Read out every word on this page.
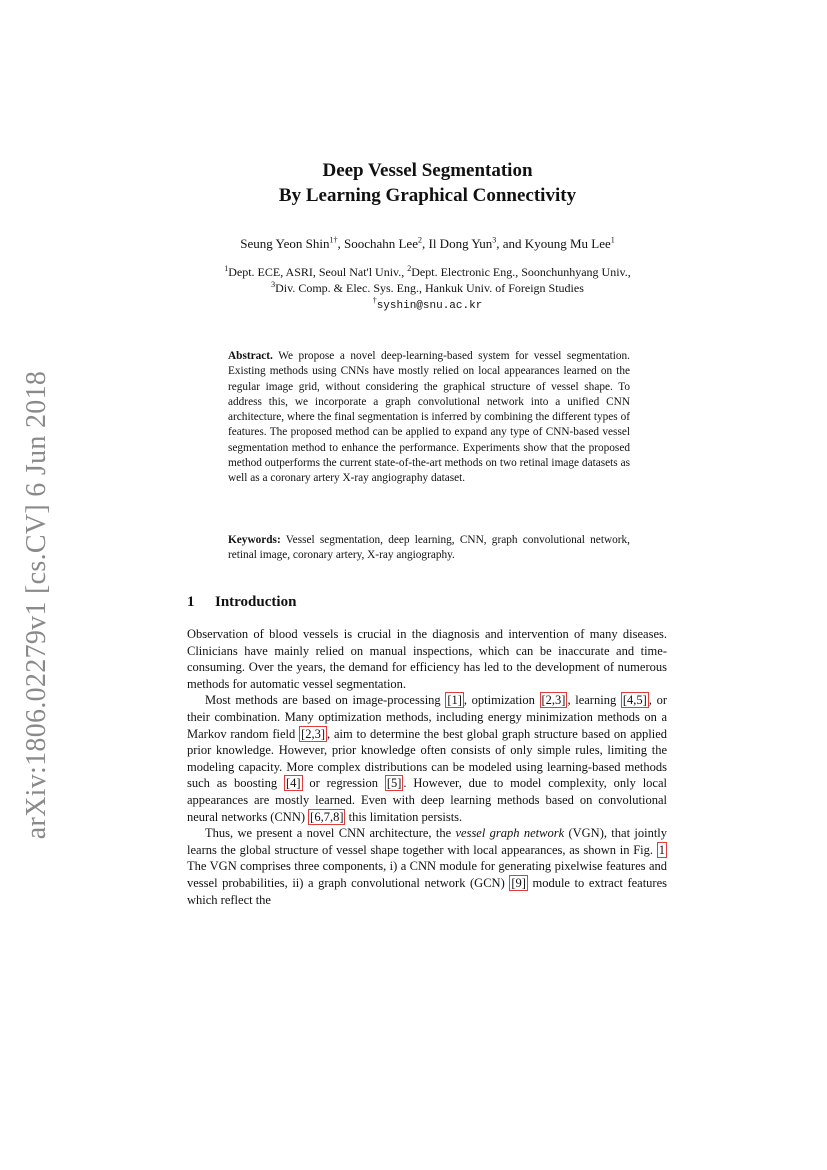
arXiv:1806.02279v1 [cs.CV] 6 Jun 2018
Deep Vessel Segmentation
By Learning Graphical Connectivity
Seung Yeon Shin$^{1\dagger}$, Soochahn Lee$^2$, Il Dong Yun$^3$, and Kyoung Mu Lee$^1$
$^1$Dept. ECE, ASRI, Seoul Nat'l Univ., $^2$Dept. Electronic Eng., Soonchunhyang Univ.,
$^3$Div. Comp. & Elec. Sys. Eng., Hankuk Univ. of Foreign Studies
†syshin@snu.ac.kr
Abstract. We propose a novel deep-learning-based system for vessel segmentation. Existing methods using CNNs have mostly relied on local appearances learned on the regular image grid, without considering the graphical structure of vessel shape. To address this, we incorporate a graph convolutional network into a unified CNN architecture, where the final segmentation is inferred by combining the different types of features. The proposed method can be applied to expand any type of CNN-based vessel segmentation method to enhance the performance. Experiments show that the proposed method outperforms the current state-of-the-art methods on two retinal image datasets as well as a coronary artery X-ray angiography dataset.
Keywords: Vessel segmentation, deep learning, CNN, graph convolutional network, retinal image, coronary artery, X-ray angiography.
1 Introduction

Observation of blood vessels is crucial in the diagnosis and intervention of many diseases. Clinicians have mainly relied on manual inspections, which can be inaccurate and time-consuming. Over the years, the demand for efficiency has led to the development of numerous methods for automatic vessel segmentation.

Most methods are based on image-processing [1] , optimization [2,3] , learning [4,5] , or their combination. Many optimization methods, including energy minimization methods on a Markov random field [2,3] , aim to determine the best global graph structure based on applied prior knowledge. However, prior knowledge often consists of only simple rules, limiting the modeling capacity. More complex distributions can be modeled using learning-based methods such as boosting [4] or regression [5] . However, due to model complexity, only local appearances are mostly learned. Even with deep learning methods based on convolutional neural networks (CNN) [6,7,8] this limitation persists.

Thus, we present a novel CNN architecture, the vessel graph network (VGN), that jointly learns the global structure of vessel shape together with local appearances, as shown in Fig. 1 The VGN comprises three components, i) a CNN module for generating pixelwise features and vessel probabilities, ii) a graph convolutional network (GCN) [9] module to extract features which reflect the
